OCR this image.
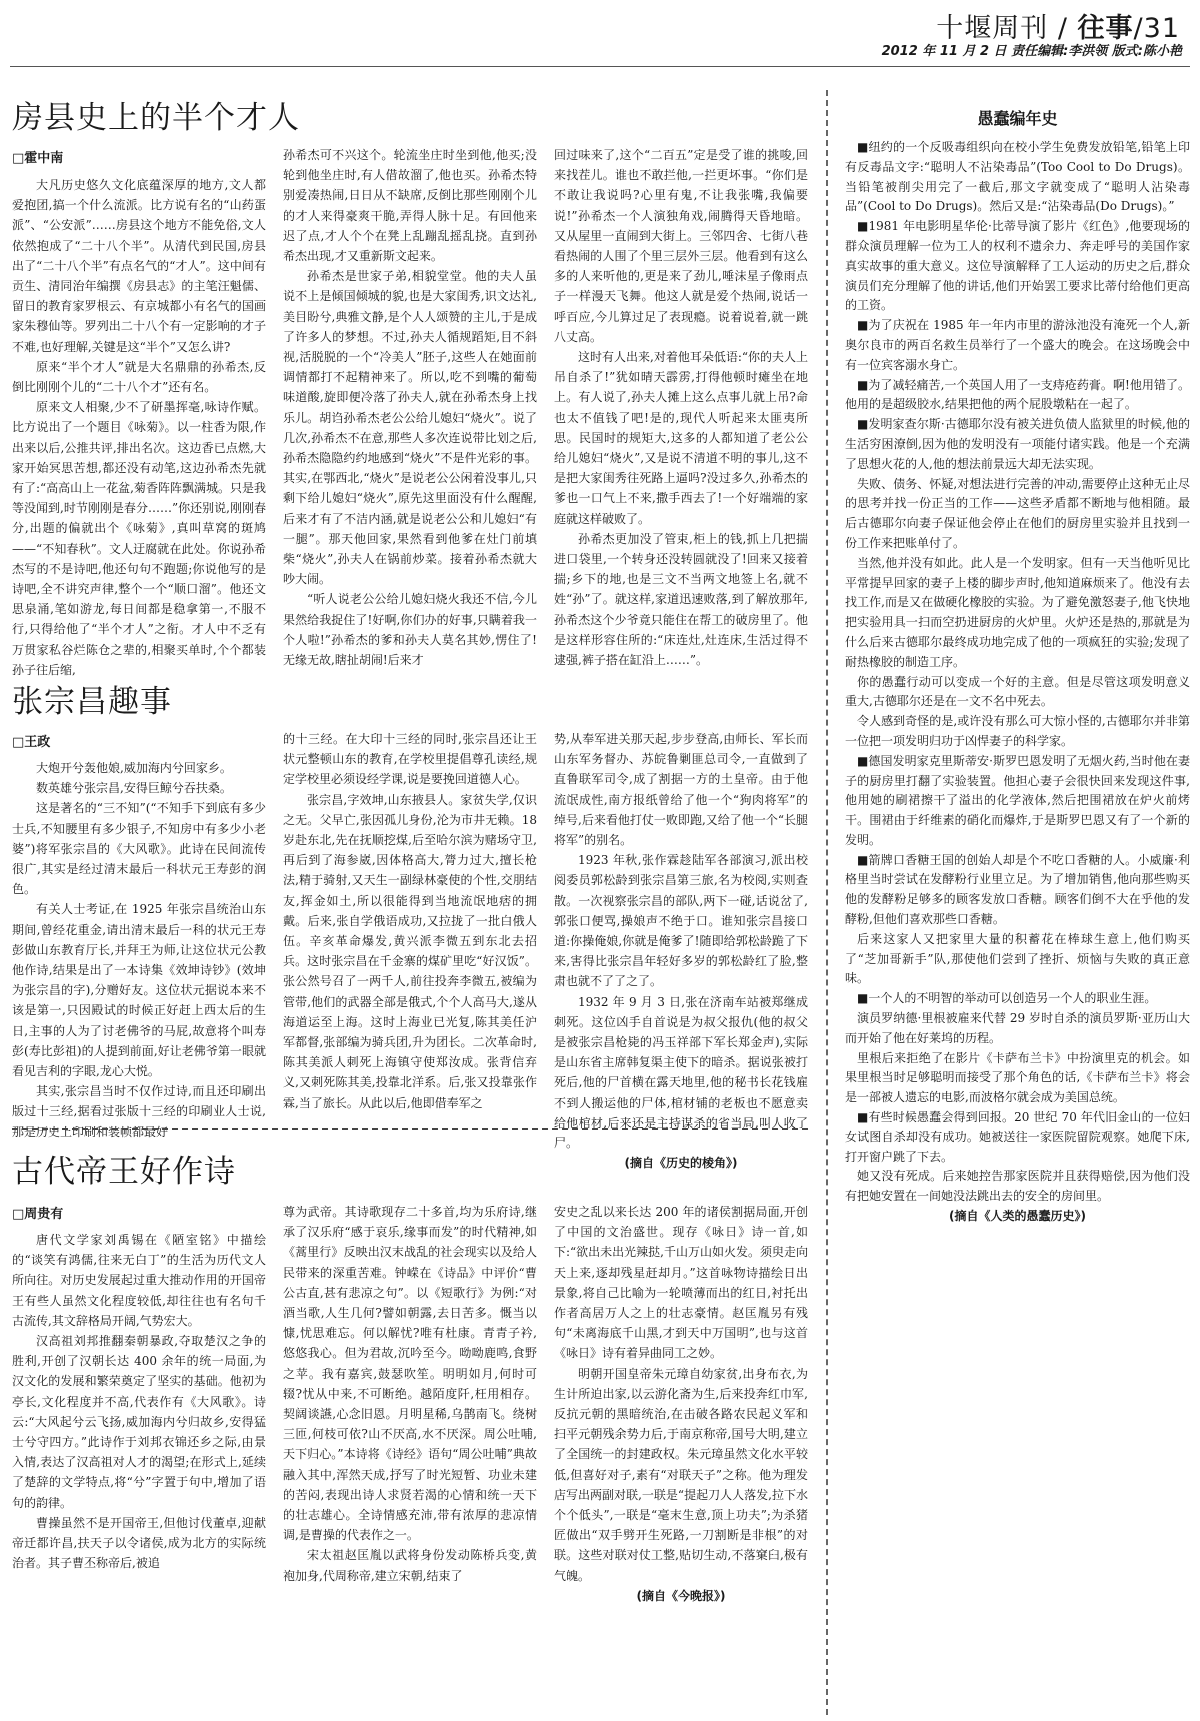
十堰周刊 / 往事/31
2012 年 11 月 2 日 责任编辑:李洪领 版式:陈小艳
房县史上的半个才人
□霍中南

大凡历史悠久文化底蕴深厚的地方,文人都爱抱团,搞一个什么流派。比方说有名的“山药蛋派”、“公安派”……房县这个地方不能免俗,文人依然抱成了“二十八个半”。从清代到民国,房县出了“二十八个半”有点名气的“才人”。这中间有贡生、清同治年编撰《房县志》的主笔汪魁儒、留日的教育家罗根云、有京城都小有名气的国画家朱穆仙等。罗列出二十八个有一定影响的才子不难,也好理解,关键是这“半个”又怎么讲?

原来“半个才人”就是大名鼎鼎的孙希杰,反倒比刚刚个儿的“二十八个才”还有名。

原来文人相聚,少不了研墨挥毫,咏诗作赋。比方说出了一个题目《咏菊》。以一柱香为限,作出来以后,公推共评,排出名次。这边香已点燃,大家开始冥思苦想,都还没有动笔,这边孙希杰先就有了:“高高山上一花盆,菊香阵阵飘满城。只是我等没闻到,时节刚刚是春分……”你还别说,刚刚春分,出题的偏就出个《咏菊》,真叫草窝的斑鸠——“不知春秋”。文人迂腐就在此处。你说孙希杰写的不是诗吧,他还句句不跑题;你说他写的是诗吧,全不讲究声律,整个一个“顺口溜”。他还文思泉涌,笔如游龙,每日间都是稳拿第一,不服不行,只得给他了“半个才人”之衔。才人中不乏有万贯家私谷烂陈仓之辈的,相聚买单时,个个都装孙子往后缩,

孙希杰可不兴这个。轮流坐庄时坐到他,他买;没轮到他坐庄时,有人借故溜了,他也买。孙希杰特别爱凑热闹,日日从不缺席,反倒比那些刚刚个儿的才人来得豪爽干脆,弄得人脉十足。有回他来迟了点,才人个个在凳上乱蹦乱摇乱挠。直到孙希杰出现,才又重新斯文起来。

孙希杰是世家子弟,相貌堂堂。他的夫人虽说不上是倾国倾城的貌,也是大家闺秀,识文达礼,美目盼兮,典雅文静,是个人人颂赞的主儿,于是成了许多人的梦想。不过,孙夫人循规蹈矩,目不斜视,活脱脱的一个“冷美人”胚子,这些人在她面前调情都打不起精神来了。所以,吃不到嘴的葡萄味道酸,旋即便冷落了孙夫人,就在孙希杰身上找乐儿。胡诌孙希杰老公公给儿媳妇“烧火”。说了几次,孙希杰不在意,那些人多次连说带比划之后,孙希杰隐隐约约地感到“烧火”不是件光彩的事。其实,在鄂西北,“烧火”是说老公公闲着没事儿,只剩下给儿媳妇“烧火”,原先这里面没有什么醒醒,后来才有了不洁内涵,就是说老公公和儿媳妇“有一腿”。那天他回家,果然看到他爹在灶门前填柴“烧火”,孙夫人在锅前炒菜。接着孙希杰就大吵大闹。

“听人说老公公给儿媳妇烧火我还不信,今儿果然给我捉住了!好啊,你们办的好事,只瞒着我一个人啦!”孙希杰的爹和孙夫人莫名其妙,愣住了!无缘无故,瞎扯胡闹!后来才

回过味来了,这个“二百五”定是受了谁的挑唆,回来找茬儿。谁也不敢拦他,一拦更坏事。“你们是不敢让我说吗?心里有鬼,不让我张嘴,我偏要说!”孙希杰一个人演独角戏,闹腾得天昏地暗。又从屋里一直闹到大街上。三邻四舍、七街八巷看热闹的人围了个里三层外三层。他看到有这么多的人来听他的,更是来了劲儿,唾沫星子像雨点子一样漫天飞舞。他这人就是爱个热闹,说话一呼百应,今儿算过足了表现瘾。说着说着,就一跳八丈高。

这时有人出来,对着他耳朵低语:“你的夫人上吊自杀了!”犹如晴天霹雳,打得他顿时瘫坐在地上。有人说了,孙夫人摊上这么点事儿就上吊?命也太不值钱了吧!是的,现代人听起来太匪夷所思。民国时的规矩大,这多的人都知道了老公公给儿媳妇“烧火”,又是说不清道不明的事儿,这不是把大家闺秀往死路上逼吗?没过多久,孙希杰的爹也一口气上不来,撒手西去了!一个好端端的家庭就这样破败了。

孙希杰更加没了管束,柜上的钱,抓上几把揣进口袋里,一个转身还没转圆就没了!回来又接着揣;乡下的地,也是三文不当两文地签上名,就不姓“孙”了。就这样,家道迅速败落,到了解放那年,孙希杰这个少爷竟只能住在帮工的破房里了。他是这样形容住所的:“床连灶,灶连床,生活过得不逮强,裤子搭在缸沿上……”。

张宗昌趣事
□王政

大炮开兮轰他娘,威加海内兮回家乡。

数英雄兮张宗昌,安得巨鲸兮吞扶桑。

这是著名的“三不知”(“不知手下到底有多少士兵,不知腰里有多少银子,不知房中有多少小老婆”)将军张宗昌的《大风歌》。此诗在民间流传很广,其实是经过清末最后一科状元王寿彭的润色。

有关人士考证,在 1925 年张宗昌统治山东期间,曾经花重金,请出清末最后一科的状元王寿彭做山东教育厅长,并拜王为师,让这位状元公教他作诗,结果是出了一本诗集《效坤诗钞》(效坤为张宗昌的字),分赠好友。这位状元据说本来不该是第一,只因殿试的时候正好赶上西太后的生日,主事的人为了讨老佛爷的马屁,故意将个叫寿彭(寿比彭祖)的人提到前面,好让老佛爷第一眼就看见吉利的字眼,龙心大悦。

其实,张宗昌当时不仅作过诗,而且还印刷出版过十三经,据看过张版十三经的印刷业人士说,那是历史上印刷和装帧都最好

的十三经。在大印十三经的同时,张宗昌还让王状元整顿山东的教育,在学校里提倡尊孔读经,规定学校里必须设经学课,说是要挽回道德人心。

张宗昌,字效坤,山东掖县人。家贫失学,仅识之无。父早亡,张因孤儿身份,沦为市井无赖。18 岁赴东北,先在抚顺挖煤,后至哈尔滨为赌场守卫,再后到了海参崴,因体格高大,膂力过大,擅长枪法,精于骑射,又天生一副绿林豪使的个性,交朋结友,挥金如土,所以很能得到当地流氓地痞的拥戴。后来,张自学俄语成功,又拉拢了一批白俄人伍。辛亥革命爆发,黄兴派李微五到东北去招兵。这时张宗昌在千金寨的煤矿里吃“好汉饭”。张公然号召了一两千人,前往投奔李微五,被编为管带,他们的武器全部是俄式,个个人高马大,遂从海道运至上海。这时上海业已光复,陈其美任沪军都督,张部编为骑兵团,升为团长。二次革命时,陈其美派人刺死上海镇守使郑汝成。张背信弃义,又刺死陈其美,投靠北洋系。后,张又投靠张作霖,当了旅长。从此以后,他即借奉军之

势,从奉军进关那天起,步步登高,由师长、军长而山东军务督办、苏皖鲁剿匪总司令,一直做到了直鲁联军司令,成了割据一方的土皇帝。由于他流氓成性,南方报纸曾给了他一个“狗肉将军”的绰号,后来看他打仗一败即跑,又给了他一个“长腿将军”的别名。

1923 年秋,张作霖趁陆军各部演习,派出校阅委员郭松龄到张宗昌第三旅,名为校阅,实则查散。一次视察张宗昌的部队,两下一碰,话说岔了,郭张口便骂,操娘声不绝于口。谁知张宗昌接口道:你操俺娘,你就是俺爹了!随即给郭松龄跪了下来,害得比张宗昌年轻好多岁的郭松龄红了脸,整肃也就不了了之了。

1932 年 9 月 3 日,张在济南车站被郑继成刺死。这位凶手自首说是为叔父报仇(他的叔父是被张宗昌枪毙的冯玉祥部下军长郑金声),实际是山东省主席韩复渠主使下的暗杀。据说张被打死后,他的尸首横在露天地里,他的秘书长花钱雇不到人搬运他的尸体,棺材铺的老板也不愿意卖给他棺材,后来还是主持谋杀的省当局,叫人收了尸。

(摘自《历史的棱角》)

古代帝王好作诗
□周贵有

唐代文学家刘禹锡在《陋室铭》中描绘的“谈笑有鸿儒,往来无白丁”的生活为历代文人所向往。对历史发展起过重大推动作用的开国帝王有些人虽然文化程度较低,却往往也有名句千古流传,其文辞格局开阔,气势宏大。

汉高祖刘邦推翻秦朝暴政,夺取楚汉之争的胜利,开创了汉朝长达 400 余年的统一局面,为汉文化的发展和繁荣奠定了坚实的基础。他初为亭长,文化程度并不高,代表作有《大风歌》。诗云:“大风起兮云飞扬,威加海内兮归故乡,安得猛士兮守四方。”此诗作于刘邦衣锦还乡之际,由景入情,表达了汉高祖对人才的渴望;在形式上,延续了楚辞的文学特点,将“兮”字置于句中,增加了语句的韵律。

曹操虽然不是开国帝王,但他讨伐董卓,迎献帝迁都许昌,扶天子以令诸侯,成为北方的实际统治者。其子曹丕称帝后,被追

尊为武帝。其诗歌现存二十多首,均为乐府诗,继承了汉乐府“感于哀乐,缘事而发”的时代精神,如《蒿里行》反映出汉末战乱的社会现实以及给人民带来的深重苦难。钟嵘在《诗品》中评价“曹公古直,甚有悲凉之句”。以《短歌行》为例:“对酒当歌,人生几何?譬如朝露,去日苦多。慨当以慷,忧思难忘。何以解忧?唯有杜康。青青子衿,悠悠我心。但为君故,沉吟至今。呦呦鹿鸣,食野之苹。我有嘉宾,鼓瑟吹笙。明明如月,何时可辍?忧从中来,不可断绝。越陌度阡,枉用相存。契阔谈讌,心念旧恩。月明星稀,乌鹊南飞。绕树三匝,何枝可依?山不厌高,水不厌深。周公吐哺,天下归心。”本诗将《诗经》语句“周公吐哺”典故融入其中,浑然天成,抒写了时光短暂、功业未建的苦闷,表现出诗人求贤若渴的心情和统一天下的壮志雄心。全诗情感充沛,带有浓厚的悲凉情调,是曹操的代表作之一。

宋太祖赵匡胤以武将身份发动陈桥兵变,黄袍加身,代周称帝,建立宋朝,结束了

安史之乱以来长达 200 年的诸侯割据局面,开创了中国的文治盛世。现存《咏日》诗一首,如下:“欲出未出光辣挞,千山万山如火发。须臾走向天上来,逐却残星赶却月。”这首咏物诗描绘日出景象,将自己比喻为一轮喷薄而出的红日,衬托出作者高居万人之上的壮志豪情。赵匡胤另有残句“未离海底千山黑,才到天中万国明”,也与这首《咏日》诗有着异曲同工之妙。

明朝开国皇帝朱元璋自幼家贫,出身布衣,为生计所迫出家,以云游化斋为生,后来投奔红巾军,反抗元朝的黑暗统治,在击破各路农民起义军和扫平元朝残余势力后,于南京称帝,国号大明,建立了全国统一的封建政权。朱元璋虽然文化水平较低,但喜好对子,素有“对联天子”之称。他为理发店写出两副对联,一联是“提起刀人人落发,拉下水个个低头”,一联是“毫末生意,顶上功夫”;为杀猪匠做出“双手劈开生死路,一刀割断是非根”的对联。这些对联对仗工整,贴切生动,不落窠臼,极有气魄。

(摘自《今晚报》)

愚蠢编年史

■纽约的一个反吸毒组织向在校小学生免费发放铅笔,铅笔上印有反毒品文字:“聪明人不沾染毒品”(Too Cool to Do Drugs)。当铅笔被削尖用完了一截后,那文字就变成了“聪明人沾染毒品”(Cool to Do Drugs)。然后又是:“沾染毒品(Do Drugs)。”

■1981 年电影明星华伦·比蒂导演了影片《红色》,他要现场的群众演员理解一位为工人的权利不遗余力、奔走呼号的美国作家真实故事的重大意义。这位导演解释了工人运动的历史之后,群众演员们充分理解了他的讲话,他们开始罢工要求比蒂付给他们更高的工资。

■为了庆祝在 1985 年一年内市里的游泳池没有淹死一个人,新奥尔良市的两百名救生员举行了一个盛大的晚会。在这场晚会中有一位宾客溺水身亡。

■为了减轻痛苦,一个英国人用了一支痔疮药膏。啊!他用错了。他用的是超级胶水,结果把他的两个屁股墩粘在一起了。

■发明家查尔斯·古德耶尔没有被关进负债人监狱里的时候,他的生活穷困潦倒,因为他的发明没有一项能付诸实践。他是一个充满了思想火花的人,他的想法前景远大却无法实现。

失败、债务、怀疑,对想法进行完善的冲动,需要停止这种无止尽的思考并找一份正当的工作——这些矛盾都不断地与他相随。最后古德耶尔向妻子保证他会停止在他们的厨房里实验并且找到一份工作来把账单付了。

当然,他并没有如此。此人是一个发明家。但有一天当他听见比平常提早回家的妻子上楼的脚步声时,他知道麻烦来了。他没有去找工作,而是又在做硬化橡胶的实验。为了避免激怒妻子,他飞快地把实验用具一扫而空扔进厨房的火炉里。火炉还是热的,那就是为什么后来古德耶尔最终成功地完成了他的一项疯狂的实验;发现了耐热橡胶的制造工序。

你的愚蠢行动可以变成一个好的主意。但是尽管这项发明意义重大,古德耶尔还是在一文不名中死去。

令人感到奇怪的是,或许没有那么可大惊小怪的,古德耶尔并非第一位把一项发明归功于凶悍妻子的科学家。

■德国发明家克里斯蒂安·斯罗巴恩发明了无烟火药,当时他在妻子的厨房里打翻了实验装置。他担心妻子会很快回来发现这件事,他用她的刷裙擦干了溢出的化学液体,然后把围裙放在炉火前烤干。围裙由于纤维素的硝化而爆炸,于是斯罗巴恩又有了一个新的发明。

■箭牌口香糖王国的创始人却是个不吃口香糖的人。小威廉·利格里当时尝试在发酵粉行业里立足。为了增加销售,他向那些购买他的发酵粉足够多的顾客发放口香糖。顾客们倒不大在乎他的发酵粉,但他们喜欢那些口香糖。

后来这家人又把家里大量的积蓄花在棒球生意上,他们购买了“芝加哥新手”队,那使他们尝到了挫折、烦恼与失败的真正意味。

■一个人的不明智的举动可以创造另一个人的职业生涯。

演员罗纳德·里根被雇来代替 29 岁时自杀的演员罗斯·亚历山大而开始了他在好莱坞的历程。

里根后来拒绝了在影片《卡萨布兰卡》中扮演里克的机会。如果里根当时足够聪明而接受了那个角色的话,《卡萨布兰卡》将会是一部被人遗忘的电影,而波格尔就会成为美国总统。

■有些时候愚蠢会得到回报。20 世纪 70 年代旧金山的一位妇女试图自杀却没有成功。她被送往一家医院留院观察。她爬下床,打开窗户跳了下去。

她又没有死成。后来她控告那家医院并且获得赔偿,因为他们没有把她安置在一间她没法跳出去的安全的房间里。

(摘自《人类的愚蠢历史》)
